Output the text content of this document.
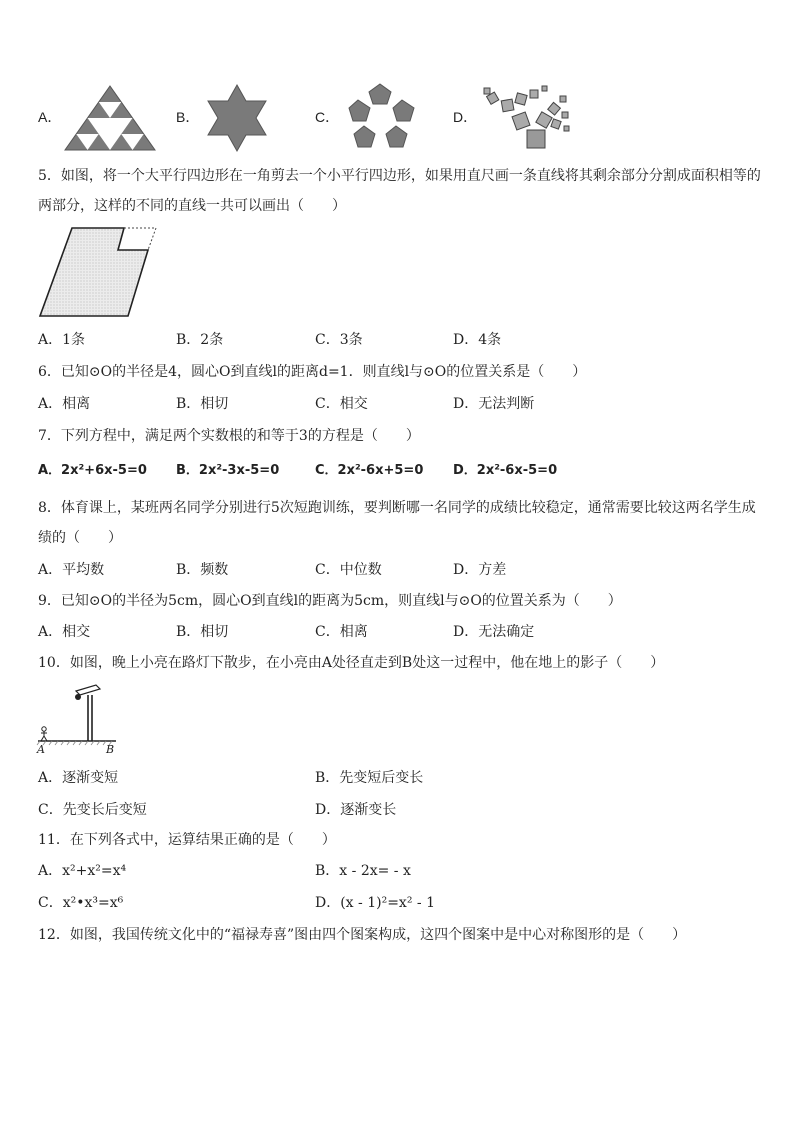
A．	B．	C．	D．
5．如图，将一个大平行四边形在一角剪去一个小平行四边形，如果用直尺画一条直线将其剩余部分分割成面积相等的
两部分，这样的不同的直线一共可以画出（　　）
A．1条	B．2条	C．3条	D．4条
6．已知⊙O的半径是4，圆心O到直线l的距离d=1．则直线l与⊙O的位置关系是（　　）
A．相离	B．相切	C．相交	D．无法判断
7．下列方程中，满足两个实数根的和等于3的方程是（　　）
A．2x²+6x-5=0 B．2x²-3x-5=0	C．2x²-6x+5=0 D．2x²-6x-5=0
8．体育课上，某班两名同学分别进行5次短跑训练，要判断哪一名同学的成绩比较稳定，通常需要比较这两名学生成
绩的（　　）
A．平均数	B．频数	C．中位数	D．方差
9．已知⊙O的半径为5cm，圆心O到直线l的距离为5cm，则直线l与⊙O的位置关系为（　　）
A．相交	B．相切	C．相离	D．无法确定
10．如图，晚上小亮在路灯下散步，在小亮由A处径直走到B处这一过程中，他在地上的影子（　　）
A	B
A．逐渐变短	B．先变短后变长
C．先变长后变短	D．逐渐变长
11．在下列各式中，运算结果正确的是（　　）
A．x²+x²=x⁴	B．x - 2x= - x
C．x²•x³=x⁶	D．(x - 1)²=x² - 1
12．如图，我国传统文化中的“福禄寿喜”图由四个图案构成，这四个图案中是中心对称图形的是（　　）
